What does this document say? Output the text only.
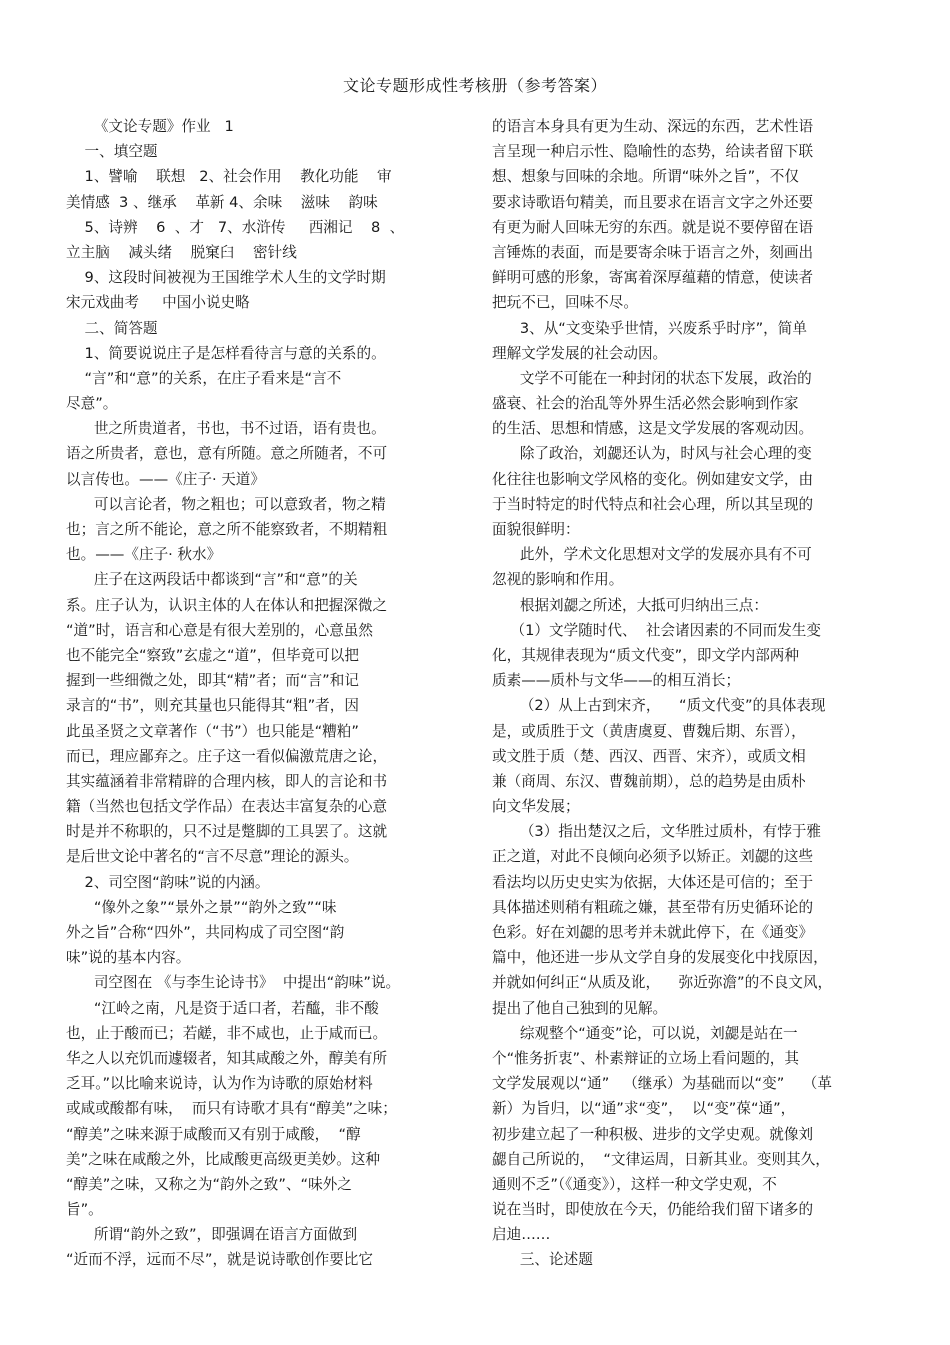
文论专题形成性考核册（参考答案）
《文论专题》作业   1
一、填空题
1、譬喻    联想   2、社会作用    教化功能    审
美情感  3 、继承    革新 4、余味    滋味    韵味
5、诗辨    6  、才   7、水浒传     西湘记    8  、
立主脑    减头绪    脱窠臼    密针线
9、这段时间被视为王国维学术人生的文学时期
宋元戏曲考     中国小说史略
二、简答题
1、简要说说庄子是怎样看待言与意的关系的。
“言”和“意”的关系，在庄子看来是“言不
尽意”。
世之所贵道者，书也，书不过语，语有贵也。
语之所贵者，意也，意有所随。意之所随者，不可
以言传也。——《庄子· 天道》
可以言论者，物之粗也；可以意致者，物之精
也；言之所不能论，意之所不能察致者，不期精粗
也。——《庄子· 秋水》
庄子在这两段话中都谈到“言”和“意”的关
系。庄子认为，认识主体的人在体认和把握深微之
“道”时，语言和心意是有很大差别的，心意虽然
也不能完全“察致”玄虚之“道”，但毕竟可以把
握到一些细微之处，即其“精”者；而“言”和记
录言的“书”，则充其量也只能得其“粗”者，因
此虽圣贤之文章著作（“书”）也只能是“糟粕”
而已，理应鄙弃之。庄子这一看似偏激荒唐之论，
其实蕴涵着非常精辟的合理内核，即人的言论和书
籍（当然也包括文学作品）在表达丰富复杂的心意
时是并不称职的，只不过是蹩脚的工具罢了。这就
是后世文论中著名的“言不尽意”理论的源头。
2、司空图“韵味”说的内涵。
“像外之象”“景外之景”“韵外之致”“味
外之旨”合称“四外”，共同构成了司空图“韵
味”说的基本内容。
司空图在 《与李生论诗书》  中提出“韵味”说。
“江岭之南，凡是资于适口者，若醯，非不酸
也，止于酸而已；若鹾，非不咸也，止于咸而已。
华之人以充饥而遽辍者，知其咸酸之外，醇美有所
乏耳。”以比喻来说诗，认为作为诗歌的原始材料
或咸或酸都有味，  而只有诗歌才具有“醇美”之味；
“醇美”之味来源于咸酸而又有别于咸酸，  “醇
美”之味在咸酸之外，比咸酸更高级更美妙。这种
“醇美”之味，又称之为“韵外之致”、“味外之
旨”。
所谓“韵外之致”，即强调在语言方面做到
“近而不浮，远而不尽”，就是说诗歌创作要比它
的语言本身具有更为生动、深远的东西，艺术性语
言呈现一种启示性、隐喻性的态势，给读者留下联
想、想象与回味的余地。所谓“味外之旨”，不仅
要求诗歌语句精美，而且要求在语言文字之外还要
有更为耐人回味无穷的东西。就是说不要停留在语
言锤炼的表面，而是要寄余味于语言之外，刻画出
鲜明可感的形象，寄寓着深厚蕴藉的情意，使读者
把玩不已，回味不尽。
3、从“文变染乎世情，兴废系乎时序”，简单
理解文学发展的社会动因。
文学不可能在一种封闭的状态下发展，政治的
盛衰、社会的治乱等外界生活必然会影响到作家
的生活、思想和情感，这是文学发展的客观动因。
除了政治，刘勰还认为，时风与社会心理的变
化往往也影响文学风格的变化。例如建安文学，由
于当时特定的时代特点和社会心理，所以其呈现的
面貌很鲜明：
此外，学术文化思想对文学的发展亦具有不可
忽视的影响和作用。
根据刘勰之所述，大抵可归纳出三点：
（1）文学随时代、  社会诸因素的不同而发生变
化，其规律表现为“质文代变”，即文学内部两种
质素——质朴与文华——的相互消长；
（2）从上古到宋齐，    “质文代变”的具体表现
是，或质胜于文（黄唐虞夏、曹魏后期、东晋），
或文胜于质（楚、西汉、西晋、宋齐），或质文相
兼（商周、东汉、曹魏前期），总的趋势是由质朴
向文华发展；
（3）指出楚汉之后，文华胜过质朴，有悖于雅
正之道，对此不良倾向必须予以矫正。刘勰的这些
看法均以历史史实为依据，大体还是可信的；至于
具体描述则稍有粗疏之嫌，甚至带有历史循环论的
色彩。好在刘勰的思考并未就此停下，在《通变》
篇中，他还进一步从文学自身的发展变化中找原因，
并就如何纠正“从质及讹，    弥近弥澹”的不良文风，
提出了他自己独到的见解。
综观整个“通变”论，可以说，刘勰是站在一
个“惟务折衷”、朴素辩证的立场上看问题的，其
文学发展观以“通”   （继承）为基础而以“变”    （革
新）为旨归，以“通”求“变”，  以“变”葆“通”，
初步建立起了一种积极、进步的文学史观。就像刘
勰自己所说的，  “文律运周，日新其业。变则其久，
通则不乏”（《通变》），这样一种文学史观，不
说在当时，即使放在今天，仍能给我们留下诸多的
启迪……
三、论述题
